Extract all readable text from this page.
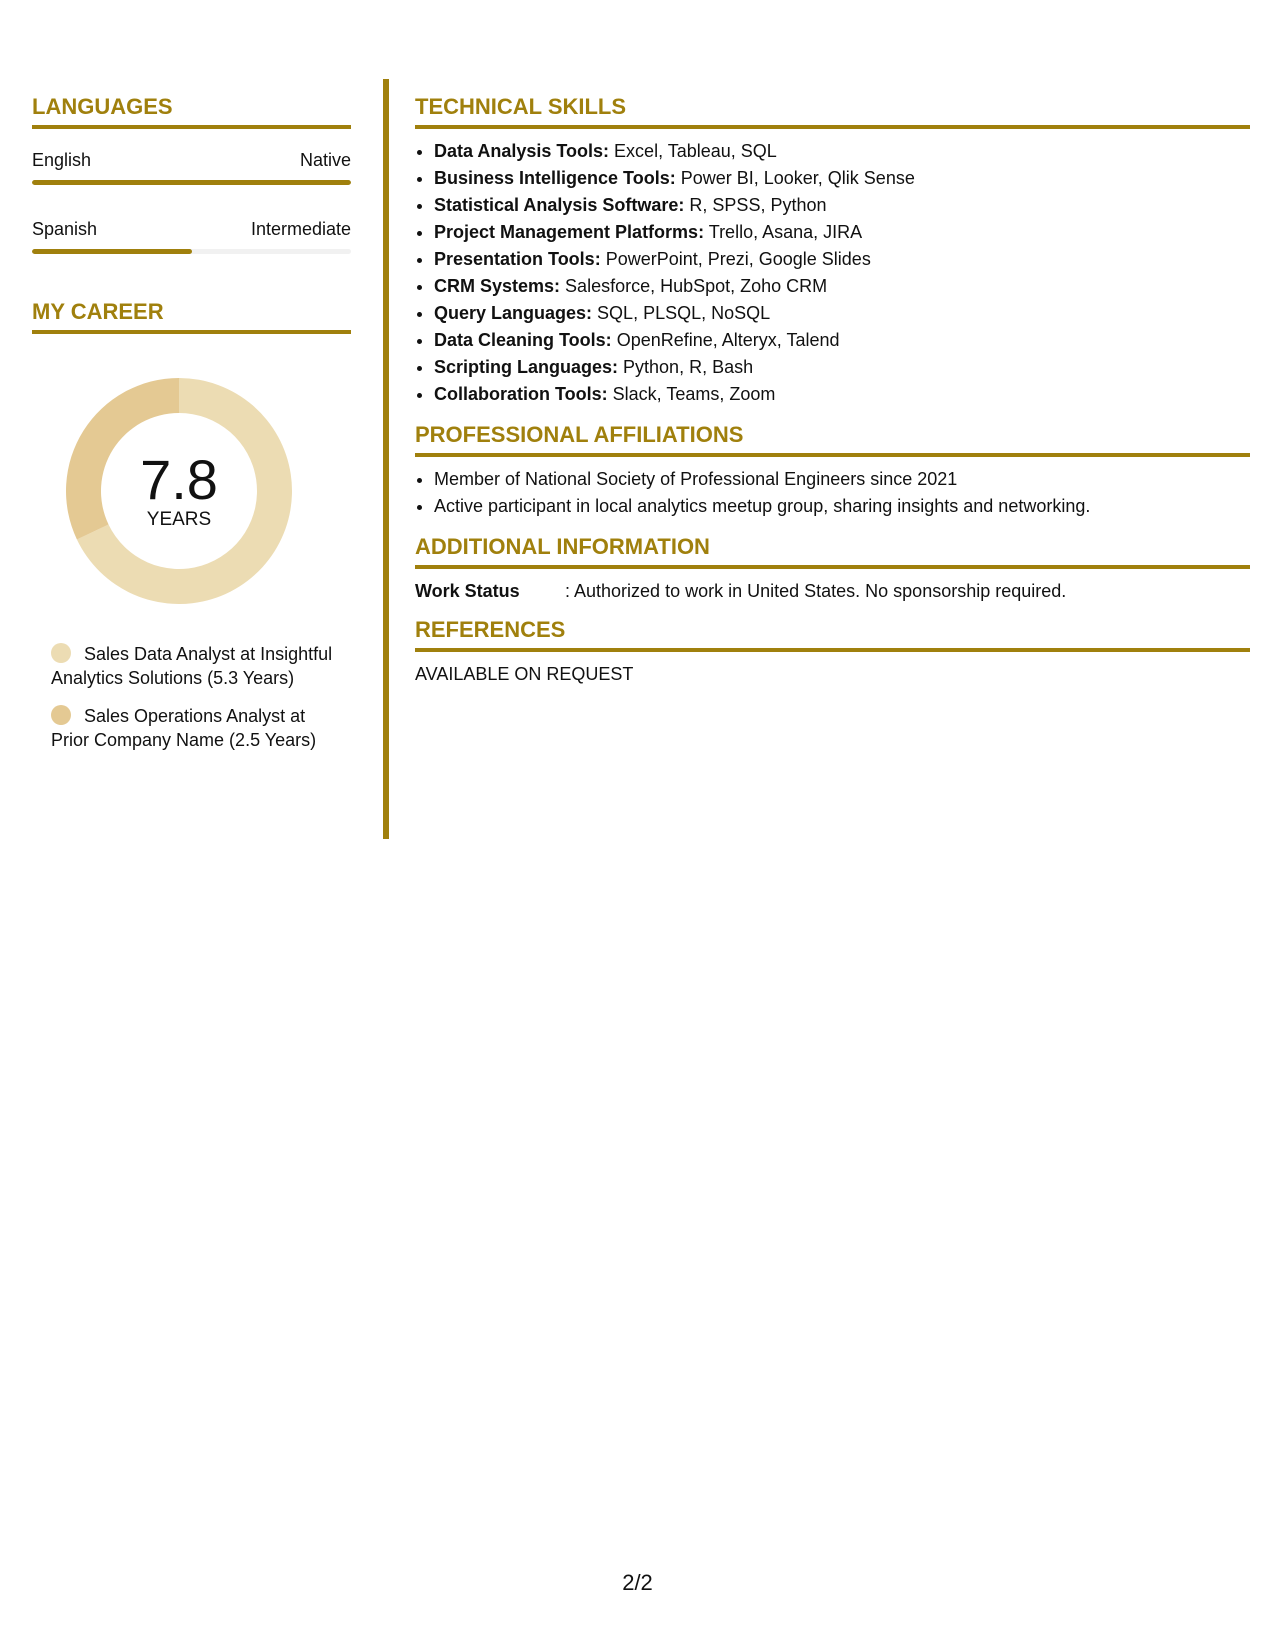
LANGUAGES
English	Native
Spanish	Intermediate
MY CAREER
7.8
YEARS
Sales Data Analyst at Insightful Analytics Solutions (5.3 Years)
Sales Operations Analyst at Prior Company Name (2.5 Years)
TECHNICAL SKILLS
• Data Analysis Tools: Excel, Tableau, SQL
• Business Intelligence Tools: Power BI, Looker, Qlik Sense
• Statistical Analysis Software: R, SPSS, Python
• Project Management Platforms: Trello, Asana, JIRA
• Presentation Tools: PowerPoint, Prezi, Google Slides
• CRM Systems: Salesforce, HubSpot, Zoho CRM
• Query Languages: SQL, PLSQL, NoSQL
• Data Cleaning Tools: OpenRefine, Alteryx, Talend
• Scripting Languages: Python, R, Bash
• Collaboration Tools: Slack, Teams, Zoom
PROFESSIONAL AFFILIATIONS
• Member of National Society of Professional Engineers since 2021
• Active participant in local analytics meetup group, sharing insights and networking.
ADDITIONAL INFORMATION
Work Status	: Authorized to work in United States. No sponsorship required.
REFERENCES
AVAILABLE ON REQUEST
2/2
